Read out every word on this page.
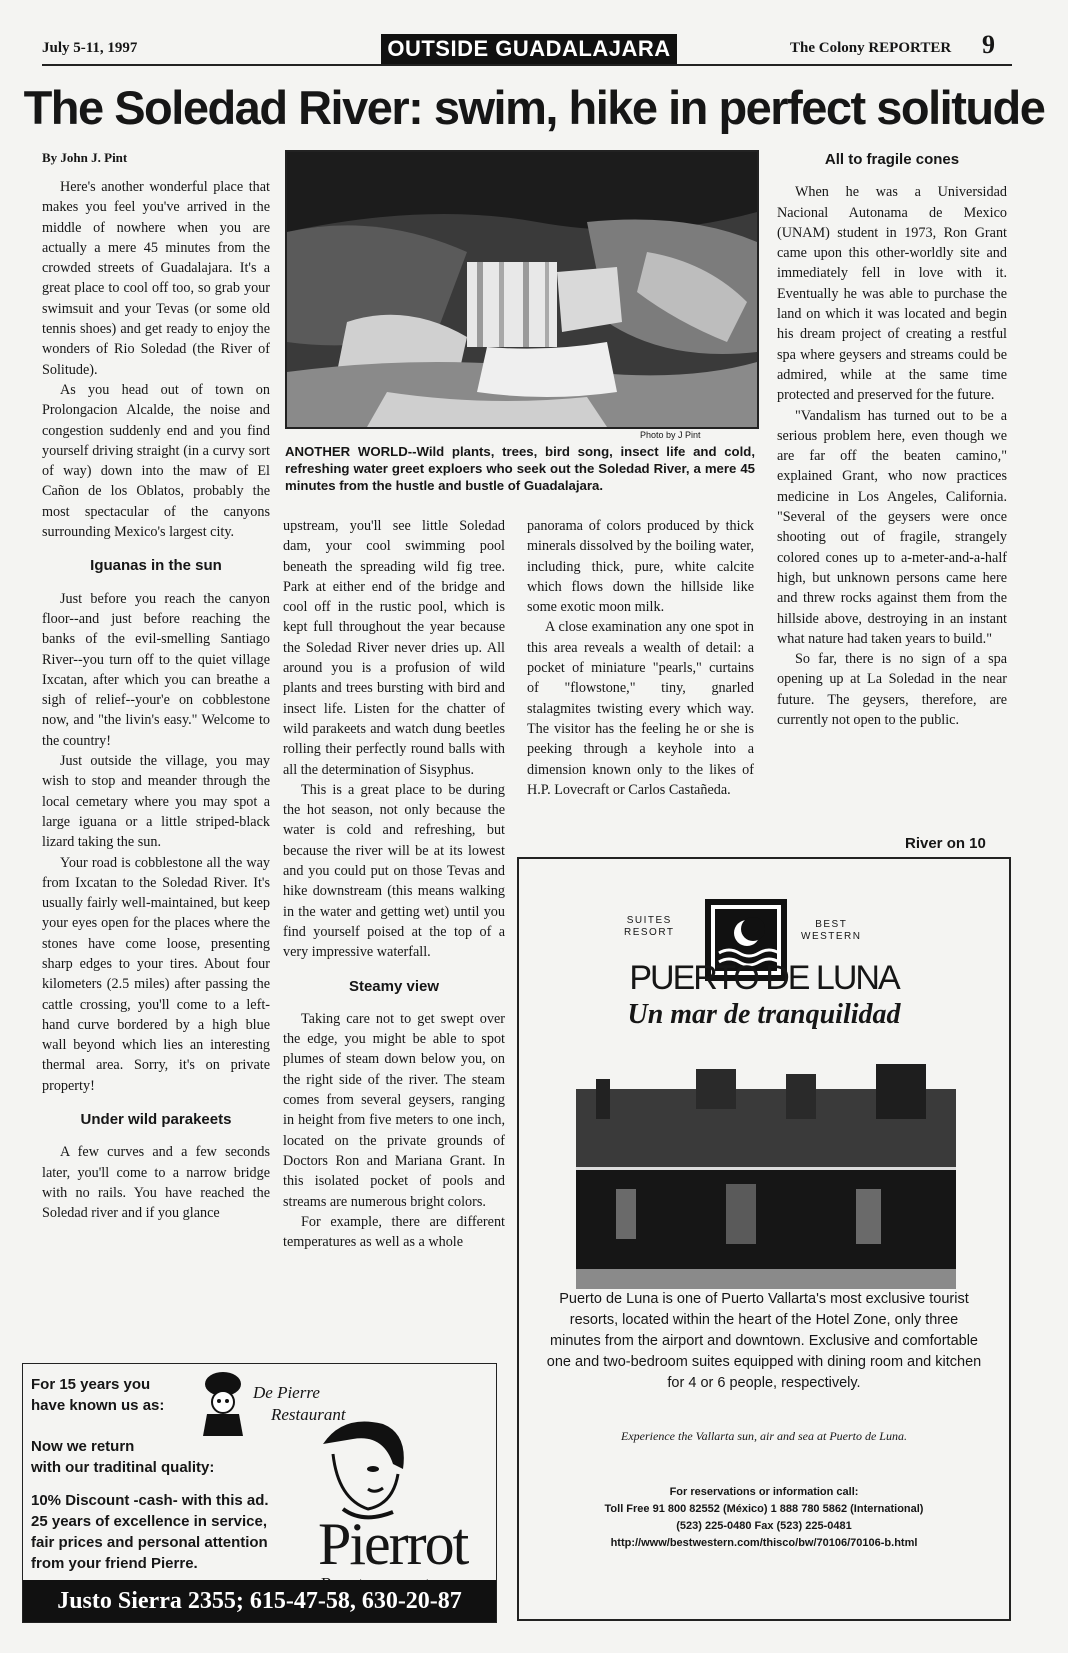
July 5-11, 1997	OUTSIDE GUADALAJARA	The Colony REPORTER 9
The Soledad River: swim, hike in perfect solitude
By John J. Pint
Photo by J Pint
ANOTHER WORLD--Wild plants, trees, bird song, insect life and cold, refreshing water greet exploers who seek out the Soledad River, a mere 45 minutes from the hustle and bustle of Guadalajara.

Here's another wonderful place that makes you feel you've arrived in the middle of nowhere when you are actually a mere 45 minutes from the crowded streets of Guadalajara. It's a great place to cool off too, so grab your swimsuit and your Tevas (or some old tennis shoes) and get ready to enjoy the wonders of Rio Soledad (the River of Solitude).

As you head out of town on Prolongacion Alcalde, the noise and congestion suddenly end and you find yourself driving straight (in a curvy sort of way) down into the maw of El Cañon de los Oblatos, probably the most spectacular of the canyons surrounding Mexico's largest city.

Iguanas in the sun

Just before you reach the canyon floor--and just before reaching the banks of the evil-smelling Santiago River--you turn off to the quiet village Ixcatan, after which you can breathe a sigh of relief--your'e on cobblestone now, and "the livin's easy." Welcome to the country!

Just outside the village, you may wish to stop and meander through the local cemetary where you may spot a large iguana or a little striped-black lizard taking the sun.

Your road is cobblestone all the way from Ixcatan to the Soledad River. It's usually fairly well-maintained, but keep your eyes open for the places where the stones have come loose, presenting sharp edges to your tires. About four kilometers (2.5 miles) after passing the cattle crossing, you'll come to a left-hand curve bordered by a high blue wall beyond which lies an interesting thermal area. Sorry, it's on private property!

Under wild parakeets

A few curves and a few seconds later, you'll come to a narrow bridge with no rails. You have reached the Soledad river and if you glance

upstream, you'll see little Soledad dam, your cool swimming pool beneath the spreading wild fig tree. Park at either end of the bridge and cool off in the rustic pool, which is kept full throughout the year because the Soledad River never dries up. All around you is a profusion of wild plants and trees bursting with bird and insect life. Listen for the chatter of wild parakeets and watch dung beetles rolling their perfectly round balls with all the determination of Sisyphus.

This is a great place to be during the hot season, not only because the water is cold and refreshing, but because the river will be at its lowest and you could put on those Tevas and hike downstream (this means walking in the water and getting wet) until you find yourself poised at the top of a very impressive waterfall.

Steamy view

Taking care not to get swept over the edge, you might be able to spot plumes of steam down below you, on the right side of the river. The steam comes from several geysers, ranging in height from five meters to one inch, located on the private grounds of Doctors Ron and Mariana Grant. In this isolated pocket of pools and streams are numerous bright colors.

For example, there are different temperatures as well as a whole

panorama of colors produced by thick minerals dissolved by the boiling water, including thick, pure, white calcite which flows down the hillside like some exotic moon milk.

A close examination any one spot in this area reveals a wealth of detail: a pocket of miniature "pearls," curtains of "flowstone," tiny, gnarled stalagmites twisting every which way. The visitor has the feeling he or she is peeking through a keyhole into a dimension known only to the likes of H.P. Lovecraft or Carlos Castañeda.

All to fragile cones

When he was a Universidad Nacional Autonama de Mexico (UNAM) student in 1973, Ron Grant came upon this other-worldly site and immediately fell in love with it. Eventually he was able to purchase the land on which it was located and begin his dream project of creating a restful spa where geysers and streams could be admired, while at the same time protected and preserved for the future.

"Vandalism has turned out to be a serious problem here, even though we are far off the beaten camino," explained Grant, who now practices medicine in Los Angeles, California. "Several of the geysers were once shooting out of fragile, strangely colored cones up to a-meter-and-a-half high, but unknown persons came here and threw rocks against them from the hillside above, destroying in an instant what nature had taken years to build."

So far, there is no sign of a spa opening up at La Soledad in the near future. The geysers, therefore, are currently not open to the public.

River on 10
For 15 years you
have known us as:
De Pierre
Restaurant
Now we return
with our traditinal quality:
10% Discount -cash- with this ad.
25 years of excellence in service,
fair prices and personal attention
from your friend Pierre.	Pierrot
Justo Sierra 2355; 615-47-58, 630-20-87
SUITES
RESORT
BEST
WESTERN
PUERTO DE LUNA
Un mar de tranquilidad
Puerto de Luna is one of Puerto Vallarta's most exclusive tourist resorts, located within the heart of the Hotel Zone, only three minutes from the airport and downtown. Exclusive and comfortable one and two-bedroom suites equipped with dining room and kitchen for 4 or 6 people, respectively.
Experience the Vallarta sun, air and sea at Puerto de Luna.
For reservations or information call:
Toll Free 91 800 82552 (México) 1 888 780 5862 (International)
(523) 225-0480 Fax (523) 225-0481
http://www/bestwestern.com/thisco/bw/70106/70106-b.html
